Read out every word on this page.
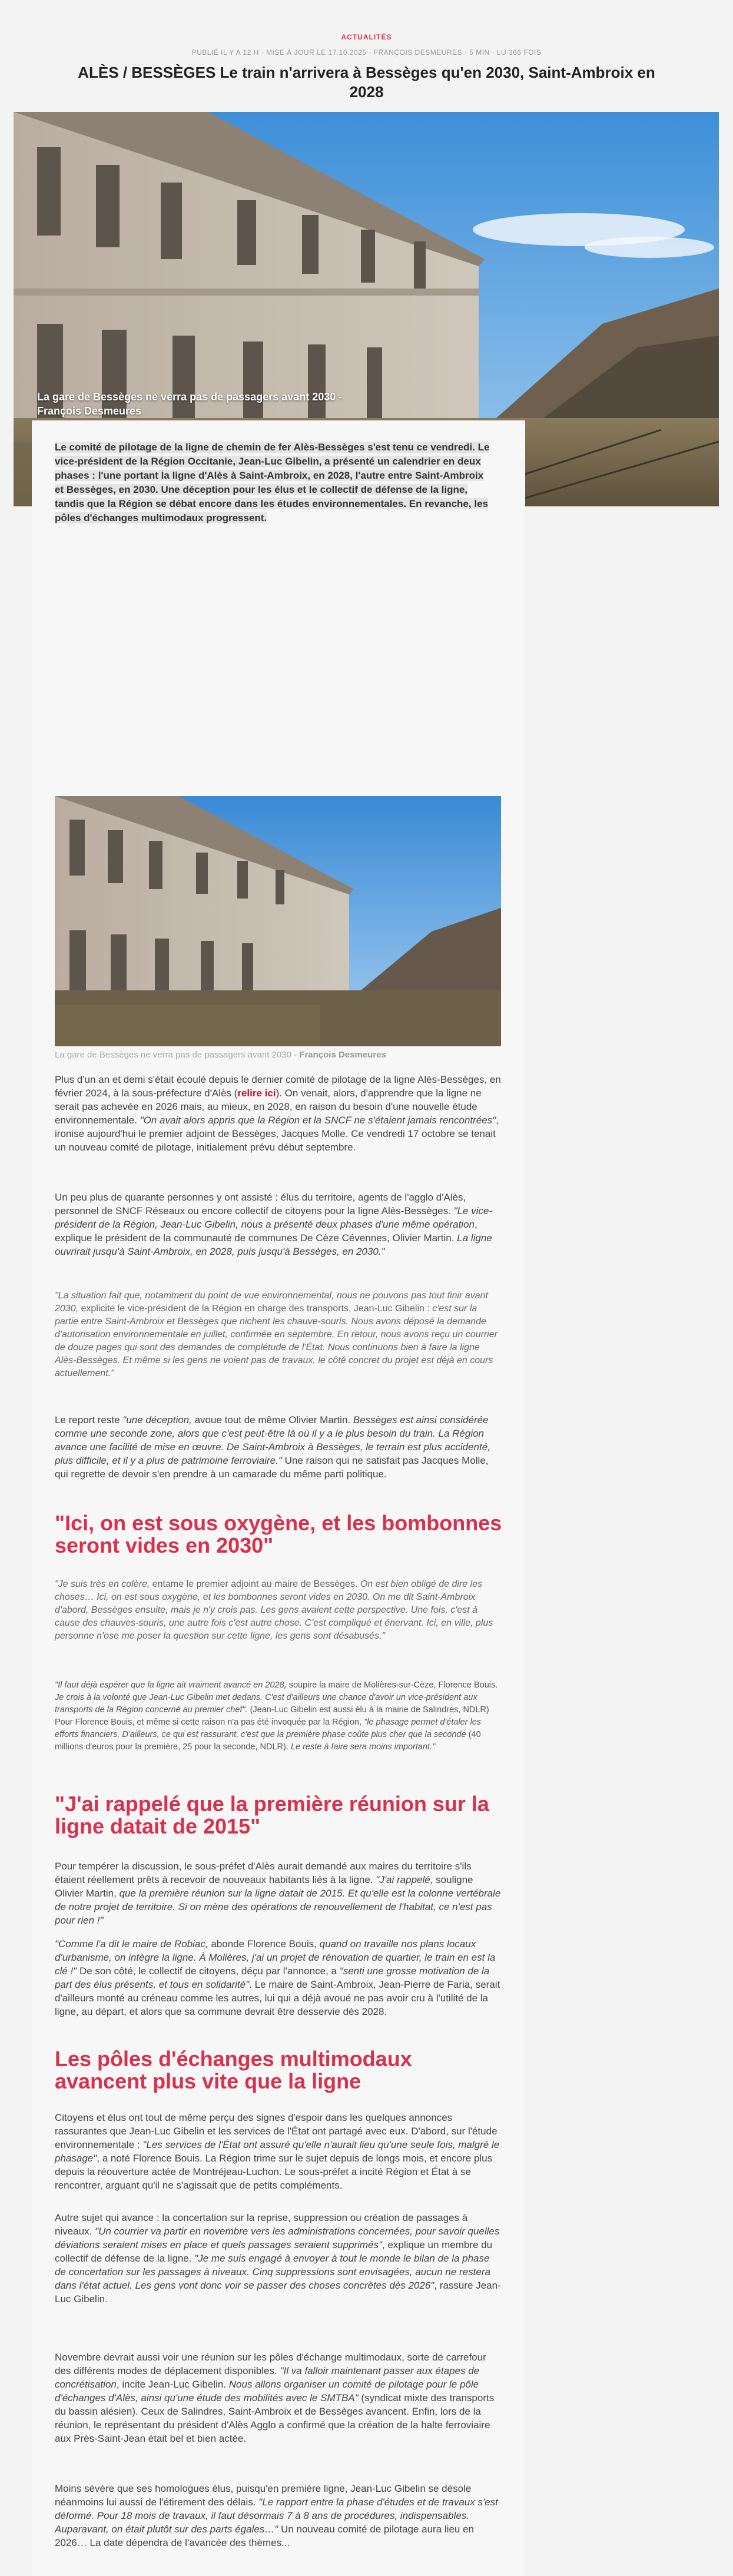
ACTUALITÉS
PUBLIÉ IL Y A 12 H · MISE À JOUR LE 17.10.2025 · FRANÇOIS DESMEURES · 5 MIN · LU 366 FOIS
ALÈS / BESSÈGES Le train n'arrivera à Bessèges qu'en 2030, Saint-Ambroix en 2028
La gare de Bessèges ne verra pas de passagers avant 2030 - François Desmeures
Le comité de pilotage de la ligne de chemin de fer Alès-Bessèges s'est tenu ce vendredi. Le vice-président de la Région Occitanie, Jean-Luc Gibelin, a présenté un calendrier en deux phases : l'une portant la ligne d'Alès à Saint-Ambroix, en 2028, l'autre entre Saint-Ambroix et Bessèges, en 2030. Une déception pour les élus et le collectif de défense de la ligne, tandis que la Région se débat encore dans les études environnementales. En revanche, les pôles d'échanges multimodaux progressent.
La gare de Bessèges ne verra pas de passagers avant 2030 - François Desmeures

Plus d'un an et demi s'était écoulé depuis le dernier comité de pilotage de la ligne Alès-Bessèges, en février 2024, à la sous-préfecture d'Alès (relire ici). On venait, alors, d'apprendre que la ligne ne serait pas achevée en 2026 mais, au mieux, en 2028, en raison du besoin d'une nouvelle étude environnementale. "On avait alors appris que la Région et la SNCF ne s'étaient jamais rencontrées", ironise aujourd'hui le premier adjoint de Bessèges, Jacques Molle. Ce vendredi 17 octobre se tenait un nouveau comité de pilotage, initialement prévu début septembre.

Un peu plus de quarante personnes y ont assisté : élus du territoire, agents de l'agglo d'Alès, personnel de SNCF Réseaux ou encore collectif de citoyens pour la ligne Alès-Bessèges. "Le vice-président de la Région, Jean-Luc Gibelin, nous a présenté deux phases d'une même opération, explique le président de la communauté de communes De Cèze Cévennes, Olivier Martin. La ligne ouvrirait jusqu'à Saint-Ambroix, en 2028, puis jusqu'à Bessèges, en 2030."

"La situation fait que, notamment du point de vue environnemental, nous ne pouvons pas tout finir avant 2030, explicite le vice-président de la Région en charge des transports, Jean-Luc Gibelin : c'est sur la partie entre Saint-Ambroix et Bessèges que nichent les chauve-souris. Nous avons déposé la demande d'autorisation environnementale en juillet, confirmée en septembre. En retour, nous avons reçu un courrier de douze pages qui sont des demandes de complétude de l'État. Nous continuons bien à faire la ligne Alès-Bessèges. Et même si les gens ne voient pas de travaux, le côté concret du projet est déjà en cours actuellement."

Le report reste "une déception, avoue tout de même Olivier Martin. Bessèges est ainsi considérée comme une seconde zone, alors que c'est peut-être là où il y a le plus besoin du train. La Région avance une facilité de mise en œuvre. De Saint-Ambroix à Bessèges, le terrain est plus accidenté, plus difficile, et il y a plus de patrimoine ferroviaire." Une raison qui ne satisfait pas Jacques Molle, qui regrette de devoir s'en prendre à un camarade du même parti politique.

"Ici, on est sous oxygène, et les bombonnes seront vides en 2030"

"Je suis très en colère, entame le premier adjoint au maire de Bessèges. On est bien obligé de dire les choses… Ici, on est sous oxygène, et les bombonnes seront vides en 2030. On me dit Saint-Ambroix d'abord, Bessèges ensuite, mais je n'y crois pas. Les gens avaient cette perspective. Une fois, c'est à cause des chauves-souris, une autre fois c'est autre chose. C'est compliqué et énervant. Ici, en ville, plus personne n'ose me poser la question sur cette ligne, les gens sont désabusés."

"Il faut déjà espérer que la ligne ait vraiment avancé en 2028, soupire la maire de Molières-sur-Cèze, Florence Bouis. Je crois à la volonté que Jean-Luc Gibelin met dedans. C'est d'ailleurs une chance d'avoir un vice-président aux transports de la Région concerné au premier chef". (Jean-Luc Gibelin est aussi élu à la mairie de Salindres, NDLR) Pour Florence Bouis, et même si cette raison n'a pas été invoquée par la Région, "le phasage permet d'étaler les efforts financiers. D'ailleurs, ce qui est rassurant, c'est que la première phase coûte plus cher que la seconde (40 millions d'euros pour la première, 25 pour la seconde, NDLR). Le reste à faire sera moins important."

"J'ai rappelé que la première réunion sur la ligne datait de 2015"

Pour tempérer la discussion, le sous-préfet d'Alès aurait demandé aux maires du territoire s'ils étaient réellement prêts à recevoir de nouveaux habitants liés à la ligne. "J'ai rappelé, souligne Olivier Martin, que la première réunion sur la ligne datait de 2015. Et qu'elle est la colonne vertébrale de notre projet de territoire. Si on mène des opérations de renouvellement de l'habitat, ce n'est pas pour rien !"

"Comme l'a dit le maire de Robiac, abonde Florence Bouis, quand on travaille nos plans locaux d'urbanisme, on intègre la ligne. À Molières, j'ai un projet de rénovation de quartier, le train en est la clé !" De son côté, le collectif de citoyens, déçu par l'annonce, a "senti une grosse motivation de la part des élus présents, et tous en solidarité". Le maire de Saint-Ambroix, Jean-Pierre de Faria, serait d'ailleurs monté au créneau comme les autres, lui qui a déjà avoué ne pas avoir cru à l'utilité de la ligne, au départ, et alors que sa commune devrait être desservie dès 2028.

Les pôles d'échanges multimodaux avancent plus vite que la ligne

Citoyens et élus ont tout de même perçu des signes d'espoir dans les quelques annonces rassurantes que Jean-Luc Gibelin et les services de l'État ont partagé avec eux. D'abord, sur l'étude environnementale : "Les services de l'État ont assuré qu'elle n'aurait lieu qu'une seule fois, malgré le phasage", a noté Florence Bouis. La Région trime sur le sujet depuis de longs mois, et encore plus depuis la réouverture actée de Montréjeau-Luchon. Le sous-préfet a incité Région et État à se rencontrer, arguant qu'il ne s'agissait que de petits compléments.

Autre sujet qui avance : la concertation sur la reprise, suppression ou création de passages à niveaux. "Un courrier va partir en novembre vers les administrations concernées, pour savoir quelles déviations seraient mises en place et quels passages seraient supprimés", explique un membre du collectif de défense de la ligne. "Je me suis engagé à envoyer à tout le monde le bilan de la phase de concertation sur les passages à niveaux. Cinq suppressions sont envisagées, aucun ne restera dans l'état actuel. Les gens vont donc voir se passer des choses concrètes dès 2026", rassure Jean-Luc Gibelin.

Novembre devrait aussi voir une réunion sur les pôles d'échange multimodaux, sorte de carrefour des différents modes de déplacement disponibles. "Il va falloir maintenant passer aux étapes de concrétisation, incite Jean-Luc Gibelin. Nous allons organiser un comité de pilotage pour le pôle d'échanges d'Alès, ainsi qu'une étude des mobilités avec le SMTBA" (syndicat mixte des transports du bassin alésien). Ceux de Salindres, Saint-Ambroix et de Bessèges avancent. Enfin, lors de la réunion, le représentant du président d'Alès Agglo a confirmé que la création de la halte ferroviaire aux Près-Saint-Jean était bel et bien actée.

Moins sévère que ses homologues élus, puisqu'en première ligne, Jean-Luc Gibelin se désole néanmoins lui aussi de l'étirement des délais. "Le rapport entre la phase d'études et de travaux s'est déformé. Pour 18 mois de travaux, il faut désormais 7 à 8 ans de procédures, indispensables. Auparavant, on était plutôt sur des parts égales…" Un nouveau comité de pilotage aura lieu en 2026… La date dépendra de l'avancée des thèmes...
